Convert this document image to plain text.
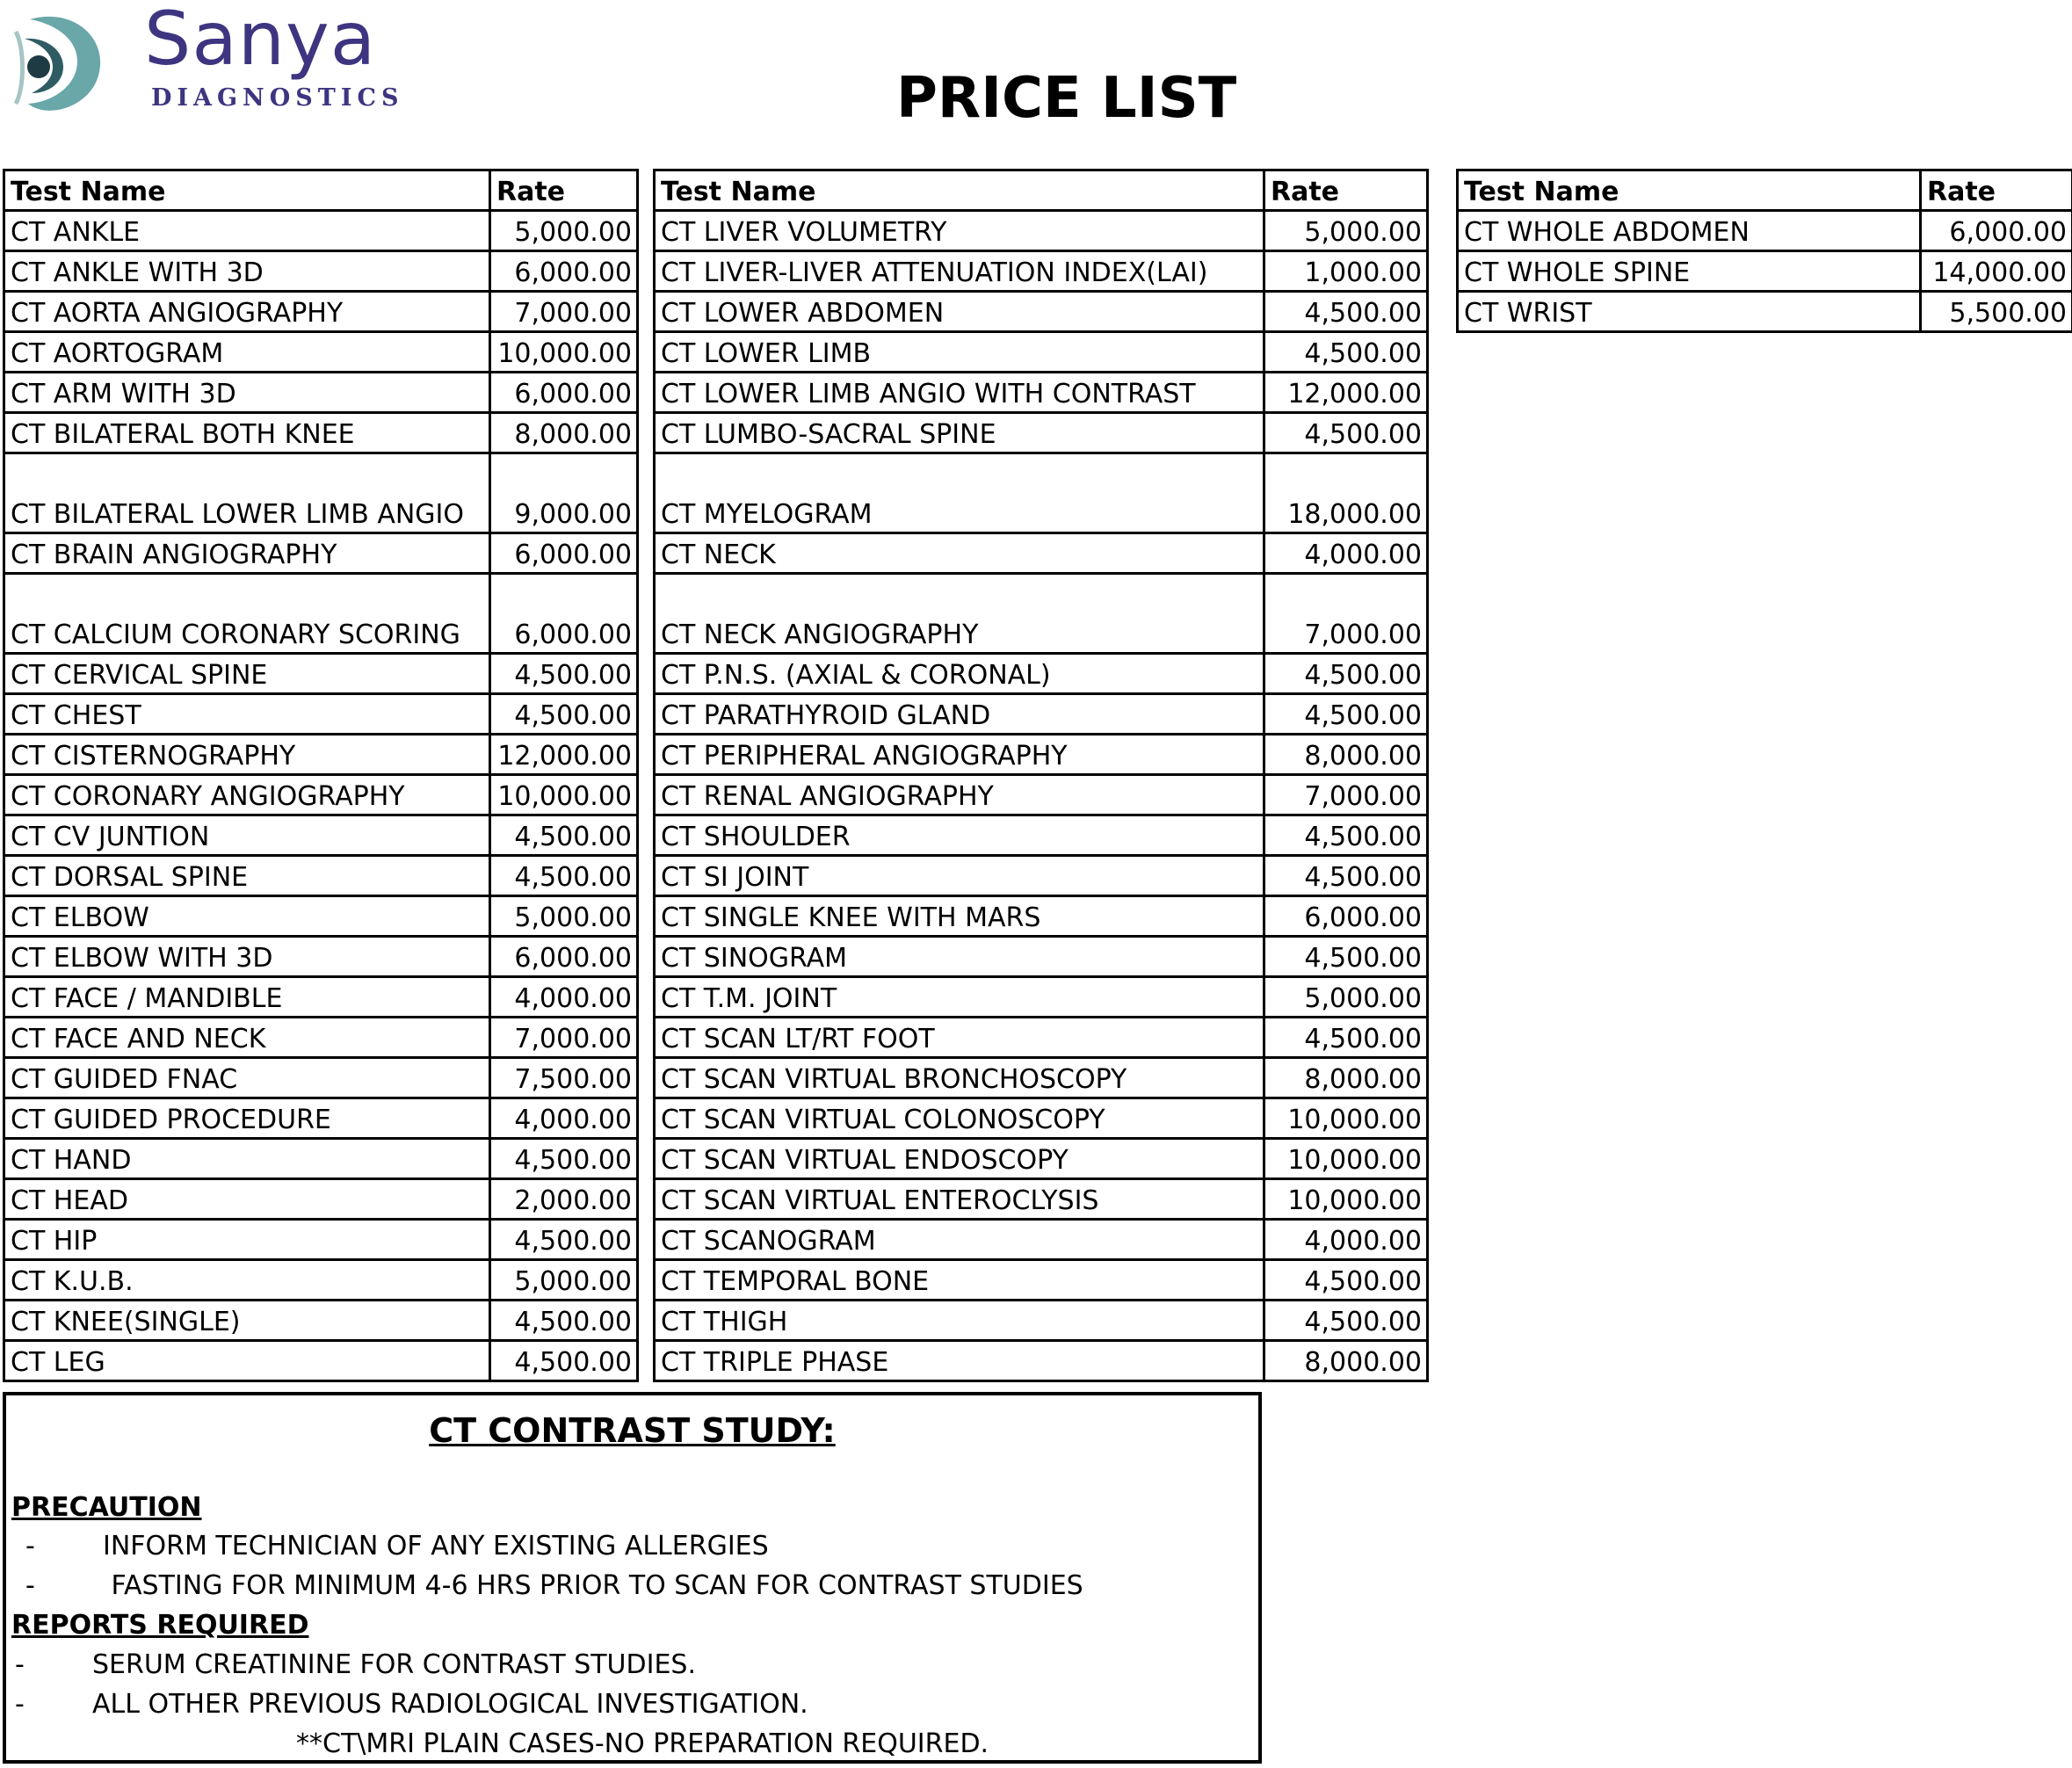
Sanya
DIAGNOSTICS	PRICE LIST
Test Name	Rate
CT ANKLE	5,000.00
CT ANKLE WITH 3D	6,000.00
CT AORTA ANGIOGRAPHY	7,000.00
CT AORTOGRAM	10,000.00
CT ARM WITH 3D	6,000.00
CT BILATERAL BOTH KNEE	8,000.00
CT BILATERAL LOWER LIMB ANGIO	9,000.00
CT BRAIN ANGIOGRAPHY	6,000.00
CT CALCIUM CORONARY SCORING	6,000.00
CT CERVICAL SPINE	4,500.00
CT CHEST	4,500.00
CT CISTERNOGRAPHY	12,000.00
CT CORONARY ANGIOGRAPHY	10,000.00
CT CV JUNTION	4,500.00
CT DORSAL SPINE	4,500.00
CT ELBOW	5,000.00
CT ELBOW WITH 3D	6,000.00
CT FACE / MANDIBLE	4,000.00
CT FACE AND NECK	7,000.00
CT GUIDED FNAC	7,500.00
CT GUIDED PROCEDURE	4,000.00
CT HAND	4,500.00
CT HEAD	2,000.00
CT HIP	4,500.00
CT K.U.B.	5,000.00
CT KNEE(SINGLE)	4,500.00
CT LEG	4,500.00
Test Name	Rate
CT LIVER VOLUMETRY	5,000.00
CT LIVER-LIVER ATTENUATION INDEX(LAI)	1,000.00
CT LOWER ABDOMEN	4,500.00
CT LOWER LIMB	4,500.00
CT LOWER LIMB ANGIO WITH CONTRAST	12,000.00
CT LUMBO-SACRAL SPINE	4,500.00
CT MYELOGRAM	18,000.00
CT NECK	4,000.00
CT NECK ANGIOGRAPHY	7,000.00
CT P.N.S. (AXIAL & CORONAL)	4,500.00
CT PARATHYROID GLAND	4,500.00
CT PERIPHERAL ANGIOGRAPHY	8,000.00
CT RENAL ANGIOGRAPHY	7,000.00
CT SHOULDER	4,500.00
CT SI JOINT	4,500.00
CT SINGLE KNEE WITH MARS	6,000.00
CT SINOGRAM	4,500.00
CT T.M. JOINT	5,000.00
CT SCAN LT/RT FOOT	4,500.00
CT SCAN VIRTUAL BRONCHOSCOPY	8,000.00
CT SCAN VIRTUAL COLONOSCOPY	10,000.00
CT SCAN VIRTUAL ENDOSCOPY	10,000.00
CT SCAN VIRTUAL ENTEROCLYSIS	10,000.00
CT SCANOGRAM	4,000.00
CT TEMPORAL BONE	4,500.00
CT THIGH	4,500.00
CT TRIPLE PHASE	8,000.00
Test Name	Rate
CT WHOLE ABDOMEN	6,000.00
CT WHOLE SPINE	14,000.00
CT WRIST	5,500.00
CT CONTRAST STUDY:
PRECAUTION
-	INFORM TECHNICIAN OF ANY EXISTING ALLERGIES
-	FASTING FOR MINIMUM 4-6 HRS PRIOR TO SCAN FOR CONTRAST STUDIES
REPORTS REQUIRED
-	SERUM CREATININE FOR CONTRAST STUDIES.
-	ALL OTHER PREVIOUS RADIOLOGICAL INVESTIGATION.
**CT\MRI PLAIN CASES-NO PREPARATION REQUIRED.
